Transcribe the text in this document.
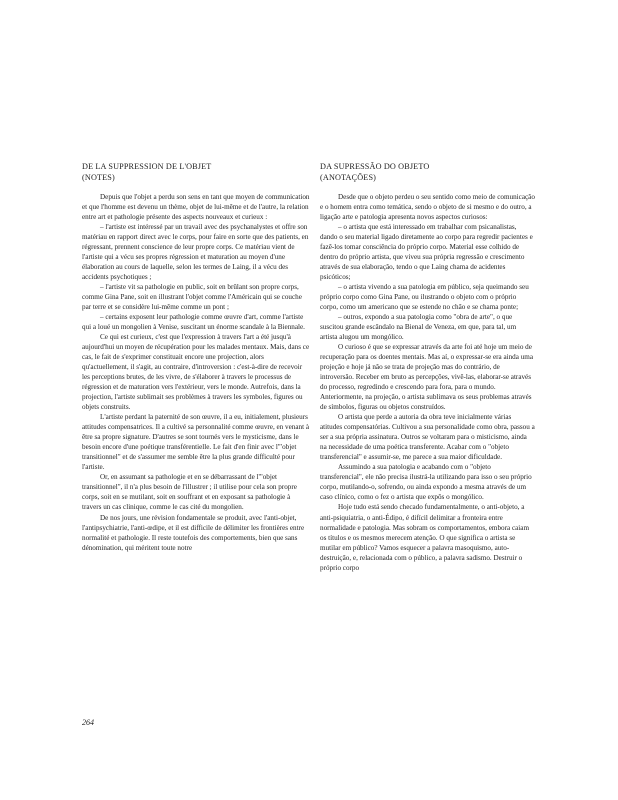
DE LA SUPPRESSION DE L'OBJET
(NOTES)

Depuis que l'objet a perdu son sens en tant que moyen de communication et que l'homme est devenu un thème, objet de lui-même et de l'autre, la relation entre art et pathologie présente des aspects nouveaux et curieux :

– l'artiste est intéressé par un travail avec des psychanalystes et offre son matériau en rapport direct avec le corps, pour faire en sorte que des patients, en régressant, prennent conscience de leur propre corps. Ce matériau vient de l'artiste qui a vécu ses propres régression et maturation au moyen d'une élaboration au cours de laquelle, selon les termes de Laing, il a vécu des accidents psychotiques ;

– l'artiste vit sa pathologie en public, soit en brûlant son propre corps, comme Gina Pane, soit en illustrant l'objet comme l'Américain qui se couche par terre et se considère lui-même comme un pont ;

– certains exposent leur pathologie comme œuvre d'art, comme l'artiste qui a loué un mongolien à Venise, suscitant un énorme scandale à la Biennale.

Ce qui est curieux, c'est que l'expression à travers l'art a été jusqu'à aujourd'hui un moyen de récupération pour les malades mentaux. Mais, dans ce cas, le fait de s'exprimer constituait encore une projection, alors qu'actuellement, il s'agit, au contraire, d'introversion : c'est-à-dire de recevoir les perceptions brutes, de les vivre, de s'élaborer à travers le processus de régression et de maturation vers l'extérieur, vers le monde. Autrefois, dans la projection, l'artiste sublimait ses problèmes à travers les symboles, figures ou objets construits.

L'artiste perdant la paternité de son œuvre, il a eu, initialement, plusieurs attitudes compensatrices. Il a cultivé sa personnalité comme œuvre, en venant à être sa propre signature. D'autres se sont tournés vers le mysticisme, dans le besoin encore d'une poétique transférentielle. Le fait d'en finir avec l'"objet transitionnel" et de s'assumer me semble être la plus grande difficulté pour l'artiste.

Or, en assumant sa pathologie et en se débarrassant de l'"objet transitionnel", il n'a plus besoin de l'illustrer ; il utilise pour cela son propre corps, soit en se mutilant, soit en souffrant et en exposant sa pathologie à travers un cas clinique, comme le cas cité du mongolien.

De nos jours, une révision fondamentale se produit, avec l'anti-objet, l'antipsychiatrie, l'anti-œdipe, et il est difficile de délimiter les frontières entre normalité et pathologie. Il reste toutefois des comportements, bien que sans dénomination, qui méritent toute notre

DA SUPRESSÃO DO OBJETO
(ANOTAÇÕES)

Desde que o objeto perdeu o seu sentido como meio de comunicação e o homem entra como temática, sendo o objeto de si mesmo e do outro, a ligação arte e patologia apresenta novos aspectos curiosos:

– o artista que está interessado em trabalhar com psicanalistas, dando o seu material ligado diretamente ao corpo para regredir pacientes e fazê-los tomar consciência do próprio corpo. Material esse colhido de dentro do próprio artista, que viveu sua própria regressão e crescimento através de sua elaboração, tendo o que Laing chama de acidentes psicóticos;

– o artista vivendo a sua patologia em público, seja queimando seu próprio corpo como Gina Pane, ou ilustrando o objeto com o próprio corpo, como um americano que se estende no chão e se chama ponte;

– outros, expondo a sua patologia como "obra de arte", o que suscitou grande escândalo na Bienal de Veneza, em que, para tal, um artista alugou um mongólico.

O curioso é que se expressar através da arte foi até hoje um meio de recuperação para os doentes mentais. Mas aí, o expressar-se era ainda uma projeção e hoje já não se trata de projeção mas do contrário, de introversão. Receber em bruto as percepções, vivê-las, elaborar-se através do processo, regredindo e crescendo para fora, para o mundo. Anteriormente, na projeção, o artista sublimava os seus problemas através de símbolos, figuras ou objetos construídos.

O artista que perde a autoria da obra teve inicialmente várias atitudes compensatórias. Cultivou a sua personalidade como obra, passou a ser a sua própria assinatura. Outros se voltaram para o misticismo, ainda na necessidade de uma poética transferente. Acabar com o "objeto transferencial" e assumir-se, me parece a sua maior dificuldade.

Assumindo a sua patologia e acabando com o "objeto transferencial", ele não precisa ilustrá-la utilizando para isso o seu próprio corpo, mutilando-o, sofrendo, ou ainda expondo a mesma através de um caso clínico, como o fez o artista que expôs o mongólico.

Hoje tudo está sendo checado fundamentalmente, o anti-objeto, a anti-psiquiatria, o anti-Édipo, é difícil delimitar a fronteira entre normalidade e patologia. Mas sobram os comportamentos, embora caiam os títulos e os mesmos merecem atenção. O que significa o artista se mutilar em público? Vamos esquecer a palavra masoquismo, auto-destruição, e, relacionada com o público, a palavra sadismo. Destruir o próprio corpo

264
